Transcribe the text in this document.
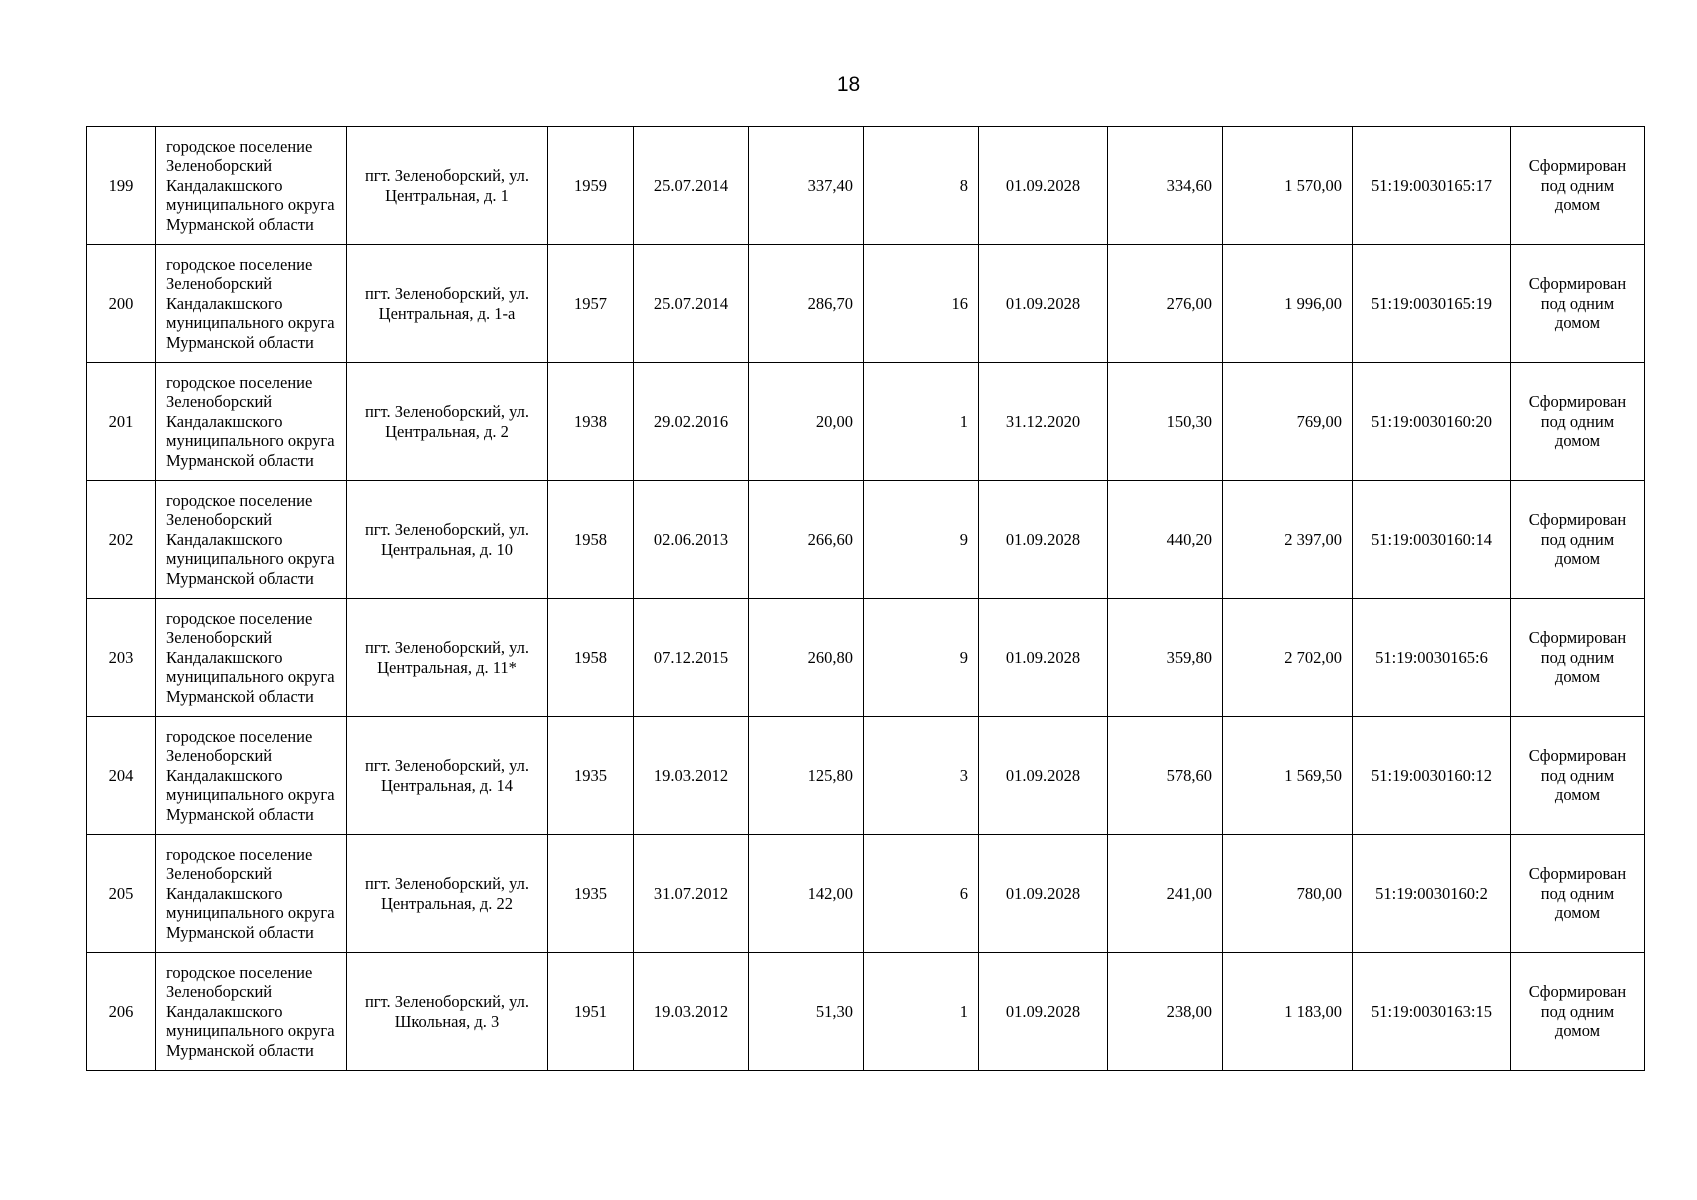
18
199	городское поселение Зеленоборский Кандалакшского муниципального округа Мурманской области	пгт. Зеленоборский, ул.
Центральная, д. 1	1959	25.07.2014	337,40	8	01.09.2028	334,60	1 570,00	51:19:0030165:17	Сформирован
под одним
домом

200	городское поселение Зеленоборский Кандалакшского муниципального округа Мурманской области	пгт. Зеленоборский, ул.
Центральная, д. 1-а	1957	25.07.2014	286,70	16	01.09.2028	276,00	1 996,00	51:19:0030165:19	Сформирован
под одним
домом

201	городское поселение Зеленоборский Кандалакшского муниципального округа Мурманской области	пгт. Зеленоборский, ул.
Центральная, д. 2	1938	29.02.2016	20,00	1	31.12.2020	150,30	769,00	51:19:0030160:20	Сформирован
под одним
домом

202	городское поселение Зеленоборский Кандалакшского муниципального округа Мурманской области	пгт. Зеленоборский, ул.
Центральная, д. 10	1958	02.06.2013	266,60	9	01.09.2028	440,20	2 397,00	51:19:0030160:14	Сформирован
под одним
домом

203	городское поселение Зеленоборский Кандалакшского муниципального округа Мурманской области	пгт. Зеленоборский, ул.
Центральная, д. 11*	1958	07.12.2015	260,80	9	01.09.2028	359,80	2 702,00	51:19:0030165:6	Сформирован
под одним
домом

204	городское поселение Зеленоборский Кандалакшского муниципального округа Мурманской области	пгт. Зеленоборский, ул.
Центральная, д. 14	1935	19.03.2012	125,80	3	01.09.2028	578,60	1 569,50	51:19:0030160:12	Сформирован
под одним
домом

205	городское поселение Зеленоборский Кандалакшского муниципального округа Мурманской области	пгт. Зеленоборский, ул.
Центральная, д. 22	1935	31.07.2012	142,00	6	01.09.2028	241,00	780,00	51:19:0030160:2	Сформирован
под одним
домом

206	городское поселение Зеленоборский Кандалакшского муниципального округа Мурманской области	пгт. Зеленоборский, ул.
Школьная, д. 3	1951	19.03.2012	51,30	1	01.09.2028	238,00	1 183,00	51:19:0030163:15	Сформирован
под одним
домом
